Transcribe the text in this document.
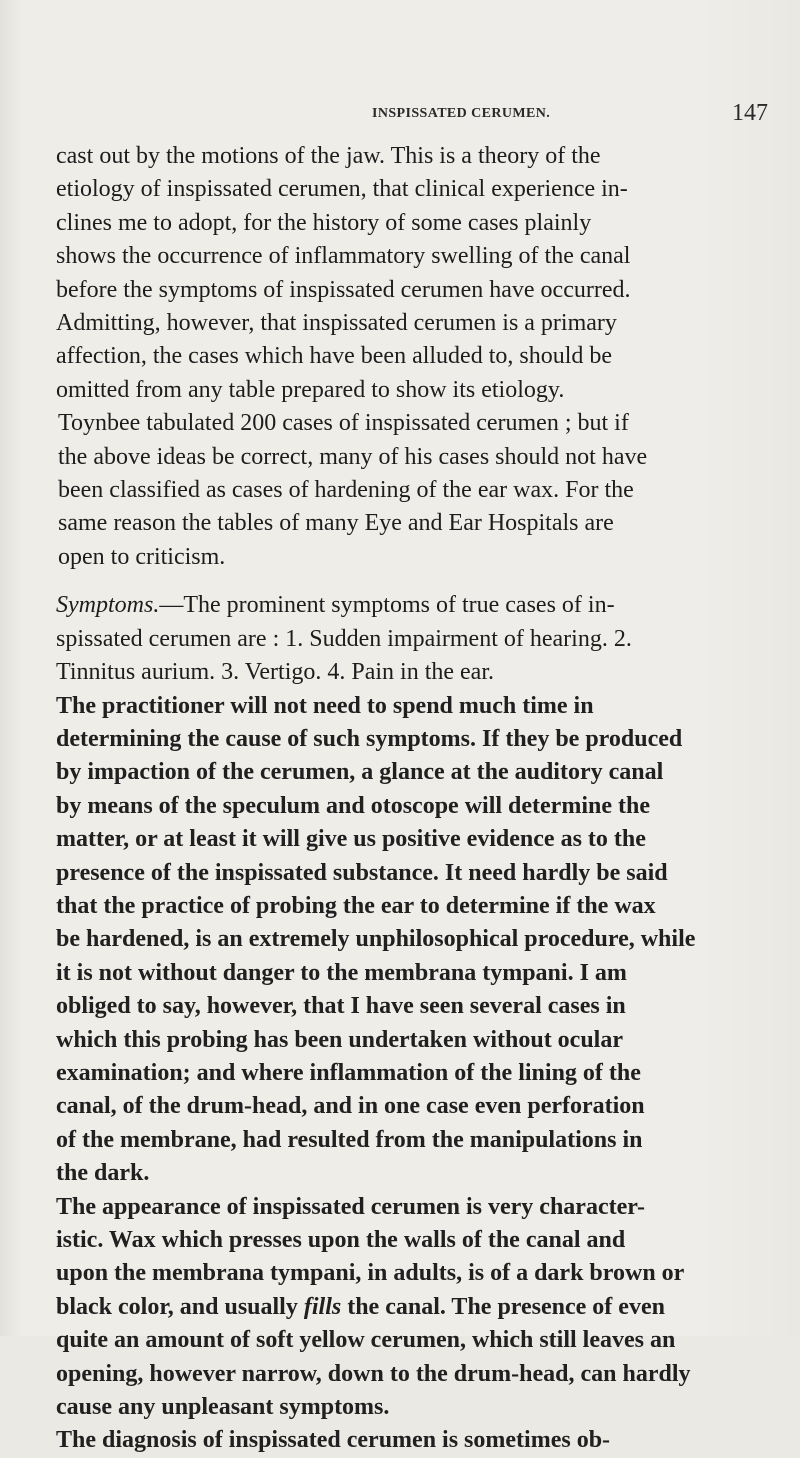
INSPISSATED CERUMEN.	147
cast out by the motions of the jaw. This is a theory of the
etiology of inspissated cerumen, that clinical experience in-
clines me to adopt, for the history of some cases plainly
shows the occurrence of inflammatory swelling of the canal
before the symptoms of inspissated cerumen have occurred.
Admitting, however, that inspissated cerumen is a primary
affection, the cases which have been alluded to, should be
omitted from any table prepared to show its etiology.
Toynbee tabulated 200 cases of inspissated cerumen ; but if
the above ideas be correct, many of his cases should not have
been classified as cases of hardening of the ear wax. For the
same reason the tables of many Eye and Ear Hospitals are
open to criticism.
Symptoms.—The prominent symptoms of true cases of in-
spissated cerumen are : 1. Sudden impairment of hearing. 2.
Tinnitus aurium. 3. Vertigo. 4. Pain in the ear.
The practitioner will not need to spend much time in
determining the cause of such symptoms. If they be produced
by impaction of the cerumen, a glance at the auditory canal
by means of the speculum and otoscope will determine the
matter, or at least it will give us positive evidence as to the
presence of the inspissated substance. It need hardly be said
that the practice of probing the ear to determine if the wax
be hardened, is an extremely unphilosophical procedure, while
it is not without danger to the membrana tympani. I am
obliged to say, however, that I have seen several cases in
which this probing has been undertaken without ocular
examination; and where inflammation of the lining of the
canal, of the drum-head, and in one case even perforation
of the membrane, had resulted from the manipulations in
the dark.
The appearance of inspissated cerumen is very character-
istic. Wax which presses upon the walls of the canal and
upon the membrana tympani, in adults, is of a dark brown or
black color, and usually fills the canal. The presence of even
quite an amount of soft yellow cerumen, which still leaves an
opening, however narrow, down to the drum-head, can hardly
cause any unpleasant symptoms.
The diagnosis of inspissated cerumen is sometimes ob-
